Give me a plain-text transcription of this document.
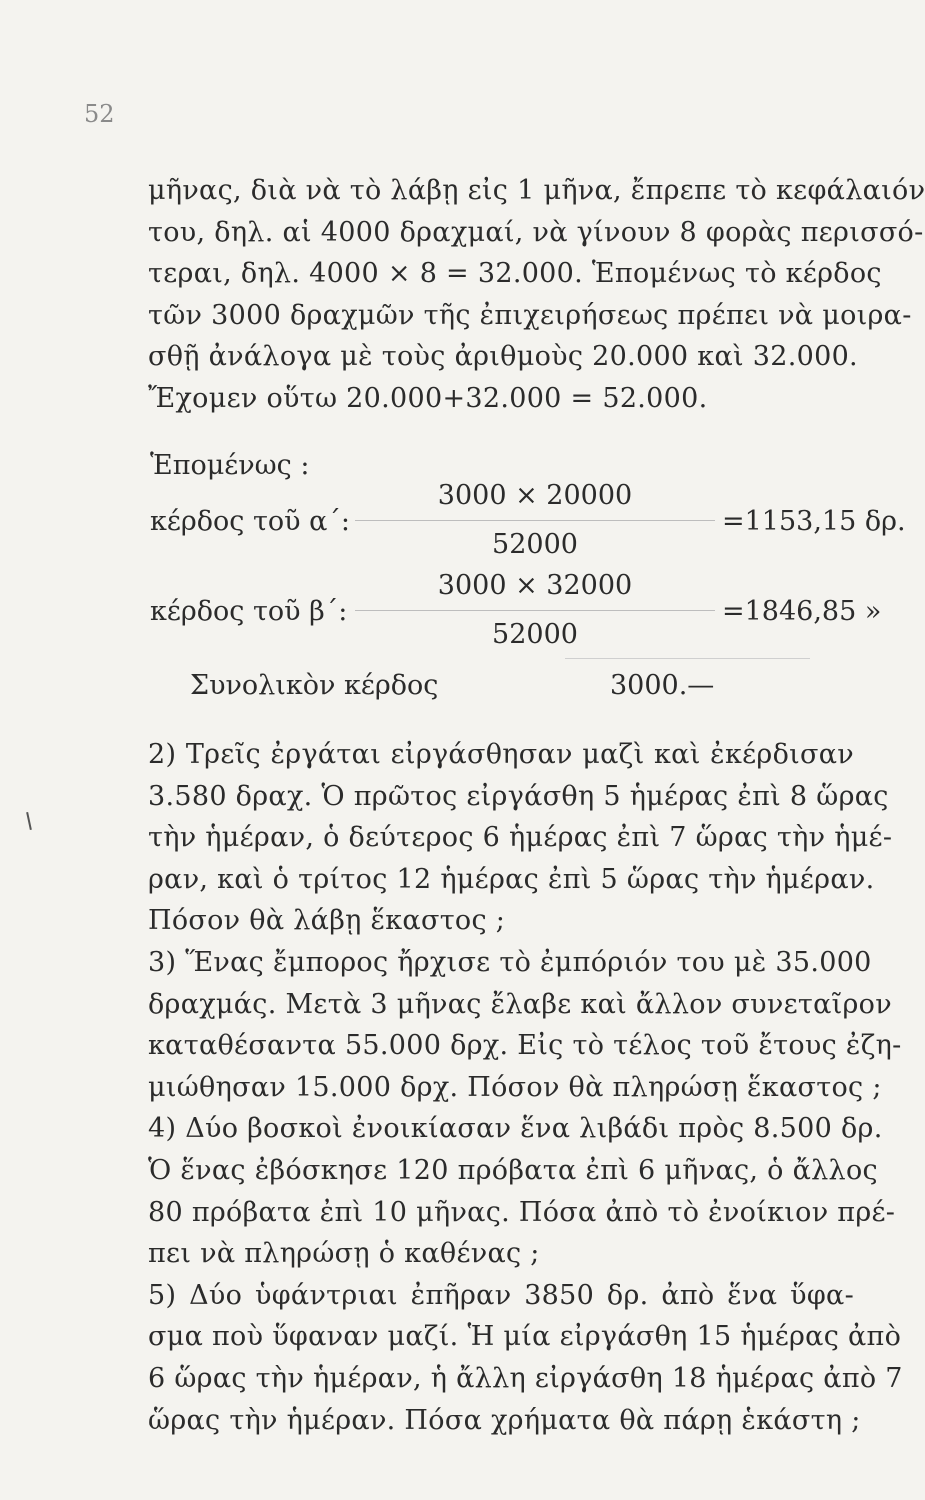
52
μῆνας, διὰ νὰ τὸ λάβῃ εἰς 1 μῆνα, ἔπρεπε τὸ κεφάλαιόν
του, δηλ. αἱ 4000 δραχμαί, νὰ γίνουν 8 φορὰς περισσό-
τεραι, δηλ. 4000 × 8 = 32.000. Ἑπομένως τὸ κέρδος
τῶν 3000 δραχμῶν τῆς ἐπιχειρήσεως πρέπει νὰ μοιρα-
σθῇ ἀνάλογα μὲ τοὺς ἀριθμοὺς 20.000 καὶ 32.000.
Ἔχομεν οὕτω 20.000+32.000 = 52.000.
Ἑπομένως :
κέρδος τοῦ α΄:
3000 × 20000
52000
=1153,15 δρ.
κέρδος τοῦ β΄:
3000 × 32000
52000
=1846,85 »
Συνολικὸν κέρδος	3000.—
2) Τρεῖς ἐργάται εἰργάσθησαν μαζὶ καὶ ἐκέρδισαν
3.580 δραχ. Ὁ πρῶτος εἰργάσθη 5 ἡμέρας ἐπὶ 8 ὥρας
τὴν ἡμέραν, ὁ δεύτερος 6 ἡμέρας ἐπὶ 7 ὥρας τὴν ἡμέ-
ραν, καὶ ὁ τρίτος 12 ἡμέρας ἐπὶ 5 ὥρας τὴν ἡμέραν.
Πόσον θὰ λάβῃ ἕκαστος ;
3) Ἕνας ἔμπορος ἤρχισε τὸ ἐμπόριόν του μὲ 35.000
δραχμάς. Μετὰ 3 μῆνας ἔλαβε καὶ ἄλλον συνεταῖρον
καταθέσαντα 55.000 δρχ. Εἰς τὸ τέλος τοῦ ἔτους ἐζη-
μιώθησαν 15.000 δρχ. Πόσον θὰ πληρώσῃ ἕκαστος ;
4) Δύο βοσκοὶ ἐνοικίασαν ἕνα λιβάδι πρὸς 8.500 δρ.
Ὁ ἕνας ἐβόσκησε 120 πρόβατα ἐπὶ 6 μῆνας, ὁ ἄλλος
80 πρόβατα ἐπὶ 10 μῆνας. Πόσα ἀπὸ τὸ ἐνοίκιον πρέ-
πει νὰ πληρώσῃ ὁ καθένας ;
5) Δύο ὑφάντριαι ἐπῆραν 3850 δρ. ἀπὸ ἕνα ὕφα-
σμα ποὺ ὕφαναν μαζί. Ἡ μία εἰργάσθη 15 ἡμέρας ἀπὸ
6 ὥρας τὴν ἡμέραν, ἡ ἄλλη εἰργάσθη 18 ἡμέρας ἀπὸ 7
ὥρας τὴν ἡμέραν. Πόσα χρήματα θὰ πάρῃ ἑκάστη ;
